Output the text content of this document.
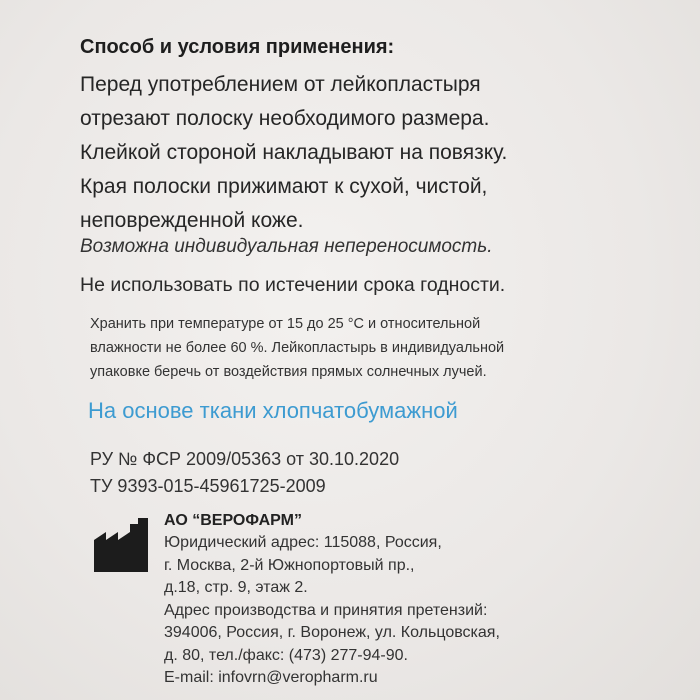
Способ и условия применения:
Перед употреблением от лейкопластыря
отрезают полоску необходимого размера.
Клейкой стороной накладывают на повязку.
Края полоски прижимают к сухой, чистой,
неповрежденной коже.
Возможна индивидуальная непереносимость.
Не использовать по истечении срока годности.
Хранить при температуре от 15 до 25 °C и относительной
влажности не более 60 %. Лейкопластырь в индивидуальной
упаковке беречь от воздействия прямых солнечных лучей.
На основе ткани хлопчатобумажной
РУ № ФСР 2009/05363 от 30.10.2020
ТУ 9393-015-45961725-2009
АО “ВЕРОФАРМ”
Юридический адрес: 115088, Россия,
г. Москва, 2-й Южнопортовый пр.,
д.18, стр. 9, этаж 2.
Адрес производства и принятия претензий:
394006, Россия, г. Воронеж, ул. Кольцовская,
д. 80, тел./факс: (473) 277-94-90.
E-mail: infovrn@veropharm.ru
